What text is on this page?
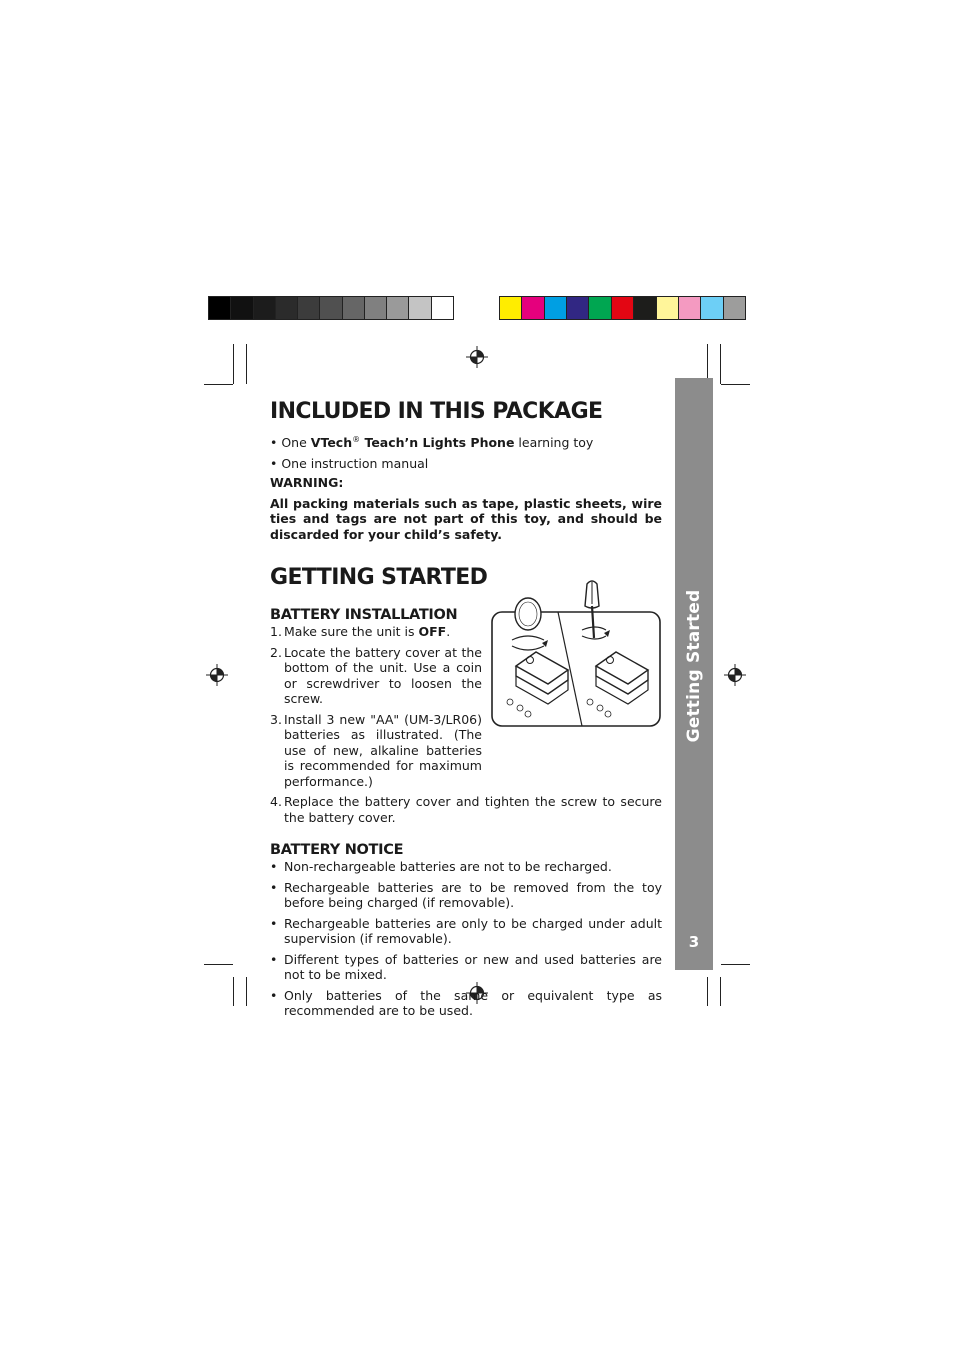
Getting Started
3
INCLUDED IN THIS PACKAGE

• One VTech® Teach’n Lights Phone learning toy

• One instruction manual

WARNING:

All packing materials such as tape, plastic sheets, wire ties and tags are not part of this toy, and should be discarded for your child’s safety.

GETTING STARTED
BATTERY INSTALLATION
1. Make sure the unit is OFF.
2. Locate the battery cover at the bottom of the unit. Use a coin or screwdriver to loosen the screw.
3. Install 3 new "AA" (UM-3/LR06) batteries as illustrated. (The use of new, alkaline batteries is recommended for maximum performance.)
4. Replace the battery cover and tighten the screw to secure the battery cover.
BATTERY NOTICE
• Non-rechargeable batteries are not to be recharged.
• Rechargeable batteries are to be removed from the toy before being charged (if removable).
• Rechargeable batteries are only to be charged under adult supervision (if removable).
• Different types of batteries or new and used batteries are not to be mixed.
• Only batteries of the same or equivalent type as recommended are to be used.
